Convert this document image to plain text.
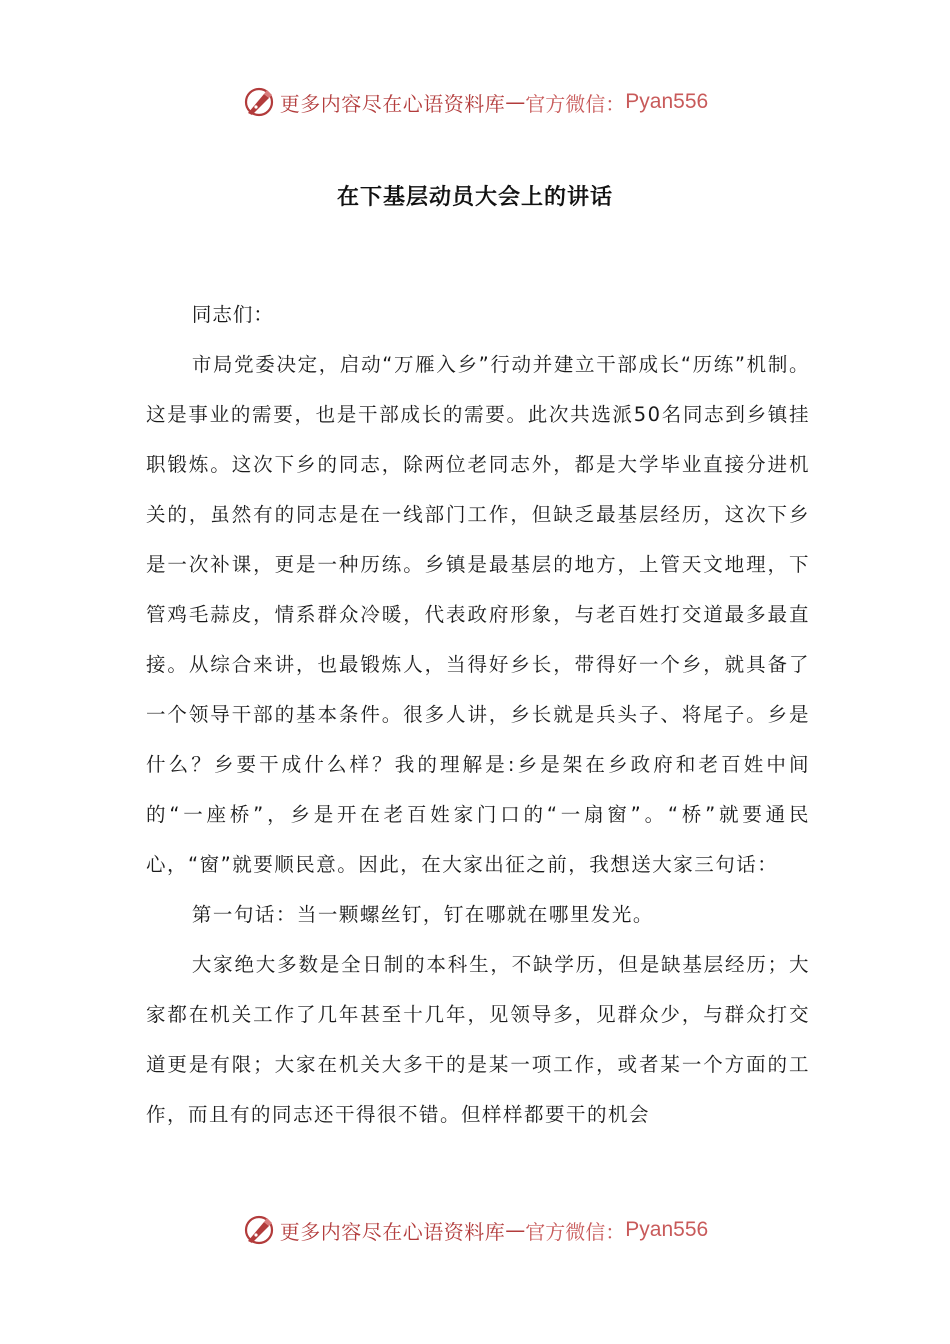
更多内容尽在心语资料库 — 官方微信： Pyan556
在下基层动员大会上的讲话

同志们：

市局党委决定，启动“万雁入乡”行动并建立干部成长“历练”机制。这是事业的需要，也是干部成长的需要。此次共选派50名同志到乡镇挂职锻炼。这次下乡的同志，除两位老同志外，都是大学毕业直接分进机关的，虽然有的同志是在一线部门工作，但缺乏最基层经历，这次下乡是一次补课，更是一种历练。乡镇是最基层的地方，上管天文地理，下管鸡毛蒜皮，情系群众冷暖，代表政府形象，与老百姓打交道最多最直接。从综合来讲，也最锻炼人，当得好乡长，带得好一个乡，就具备了一个领导干部的基本条件。很多人讲，乡长就是兵头子、将尾子。乡是什么？乡要干成什么样？我的理解是:乡是架在乡政府和老百姓中间的“一座桥”，乡是开在老百姓家门口的“一扇窗”。“桥”就要通民心，“窗”就要顺民意。因此，在大家出征之前，我想送大家三句话：

第一句话：当一颗螺丝钉，钉在哪就在哪里发光。

大家绝大多数是全日制的本科生，不缺学历，但是缺基层经历；大家都在机关工作了几年甚至十几年，见领导多，见群众少，与群众打交道更是有限；大家在机关大多干的是某一项工作，或者某一个方面的工作，而且有的同志还干得很不错。但样样都要干的机会

更多内容尽在心语资料库 — 官方微信： Pyan556
